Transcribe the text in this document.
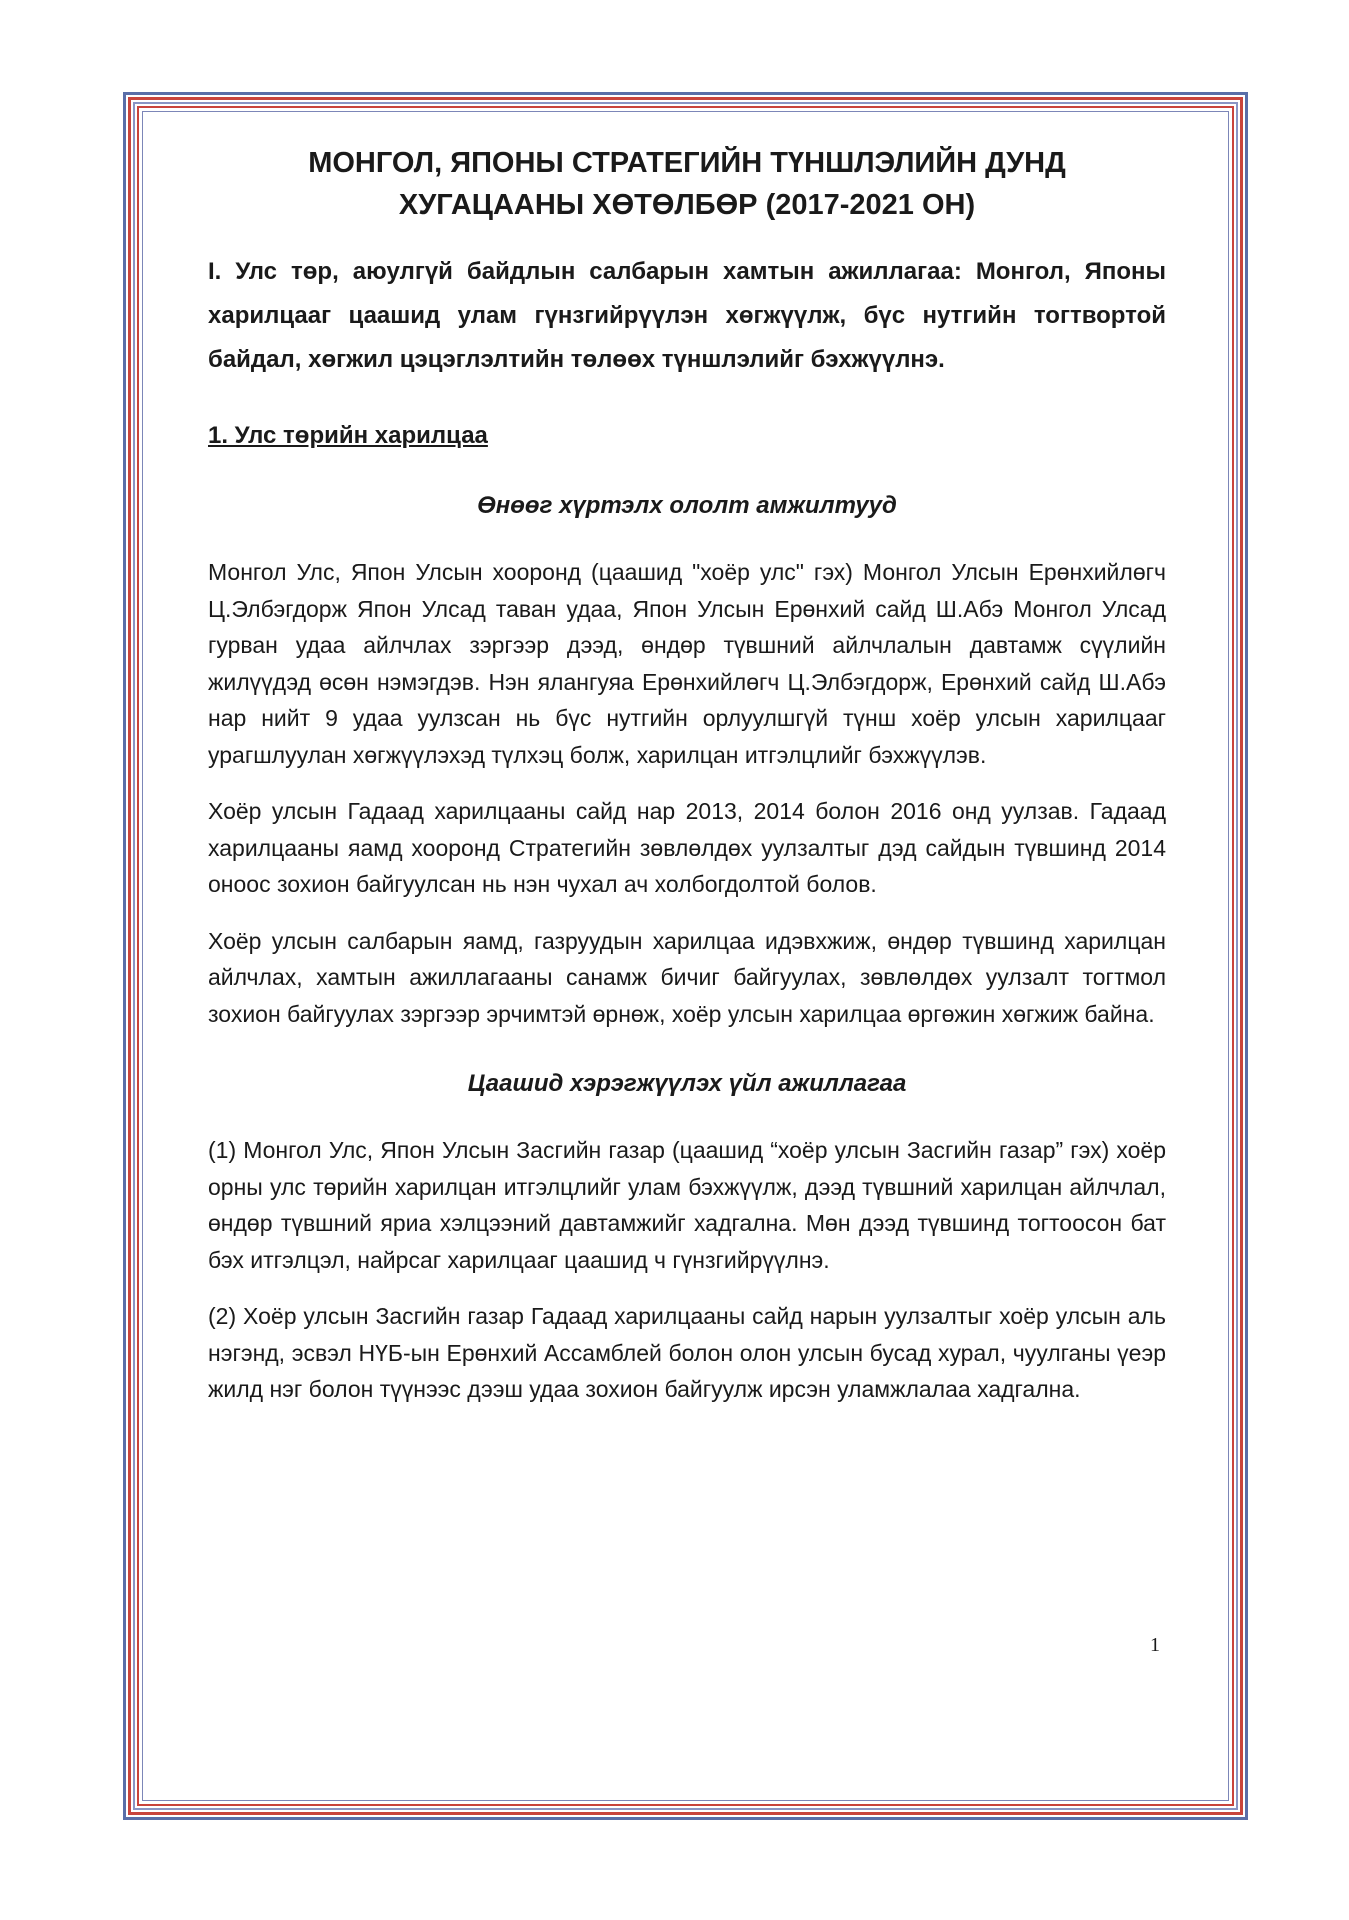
МОНГОЛ, ЯПОНЫ СТРАТЕГИЙН ТҮНШЛЭЛИЙН ДУНД
ХУГАЦААНЫ ХӨТӨЛБӨР (2017-2021 ОН)

I. Улс төр, аюулгүй байдлын салбарын хамтын ажиллагаа: Монгол, Японы харилцааг цаашид улам гүнзгийрүүлэн хөгжүүлж, бүс нутгийн тогтвортой байдал, хөгжил цэцэглэлтийн төлөөх түншлэлийг бэхжүүлнэ.

1. Улс төрийн харилцаа

Өнөөг хүртэлх ололт амжилтууд

Монгол Улс, Япон Улсын хооронд (цаашид "хоёр улс" гэх) Монгол Улсын Ерөнхийлөгч Ц.Элбэгдорж Япон Улсад таван удаа, Япон Улсын Ерөнхий сайд Ш.Абэ Монгол Улсад гурван удаа айлчлах зэргээр дээд, өндөр түвшний айлчлалын давтамж сүүлийн жилүүдэд өсөн нэмэгдэв. Нэн ялангуяа Ерөнхийлөгч Ц.Элбэгдорж, Ерөнхий сайд Ш.Абэ нар нийт 9 удаа уулзсан нь бүс нутгийн орлуулшгүй түнш хоёр улсын харилцааг урагшлуулан хөгжүүлэхэд түлхэц болж, харилцан итгэлцлийг бэхжүүлэв.

Хоёр улсын Гадаад харилцааны сайд нар 2013, 2014 болон 2016 онд уулзав. Гадаад харилцааны яамд хооронд Стратегийн зөвлөлдөх уулзалтыг дэд сайдын түвшинд 2014 оноос зохион байгуулсан нь нэн чухал ач холбогдолтой болов.

Хоёр улсын салбарын яамд, газруудын харилцаа идэвхжиж, өндөр түвшинд харилцан айлчлах, хамтын ажиллагааны санамж бичиг байгуулах, зөвлөлдөх уулзалт тогтмол зохион байгуулах зэргээр эрчимтэй өрнөж, хоёр улсын харилцаа өргөжин хөгжиж байна.

Цаашид хэрэгжүүлэх үйл ажиллагаа

(1) Монгол Улс, Япон Улсын Засгийн газар (цаашид “хоёр улсын Засгийн газар” гэх) хоёр орны улс төрийн харилцан итгэлцлийг улам бэхжүүлж, дээд түвшний харилцан айлчлал, өндөр түвшний яриа хэлцээний давтамжийг хадгална. Мөн дээд түвшинд тогтоосон бат бэх итгэлцэл, найрсаг харилцааг цаашид ч гүнзгийрүүлнэ.

(2) Хоёр улсын Засгийн газар Гадаад харилцааны сайд нарын уулзалтыг хоёр улсын аль нэгэнд, эсвэл НҮБ-ын Ерөнхий Ассамблей болон олон улсын бусад хурал, чуулганы үеэр жилд нэг болон түүнээс дээш удаа зохион байгуулж ирсэн уламжлалаа хадгална.

1
